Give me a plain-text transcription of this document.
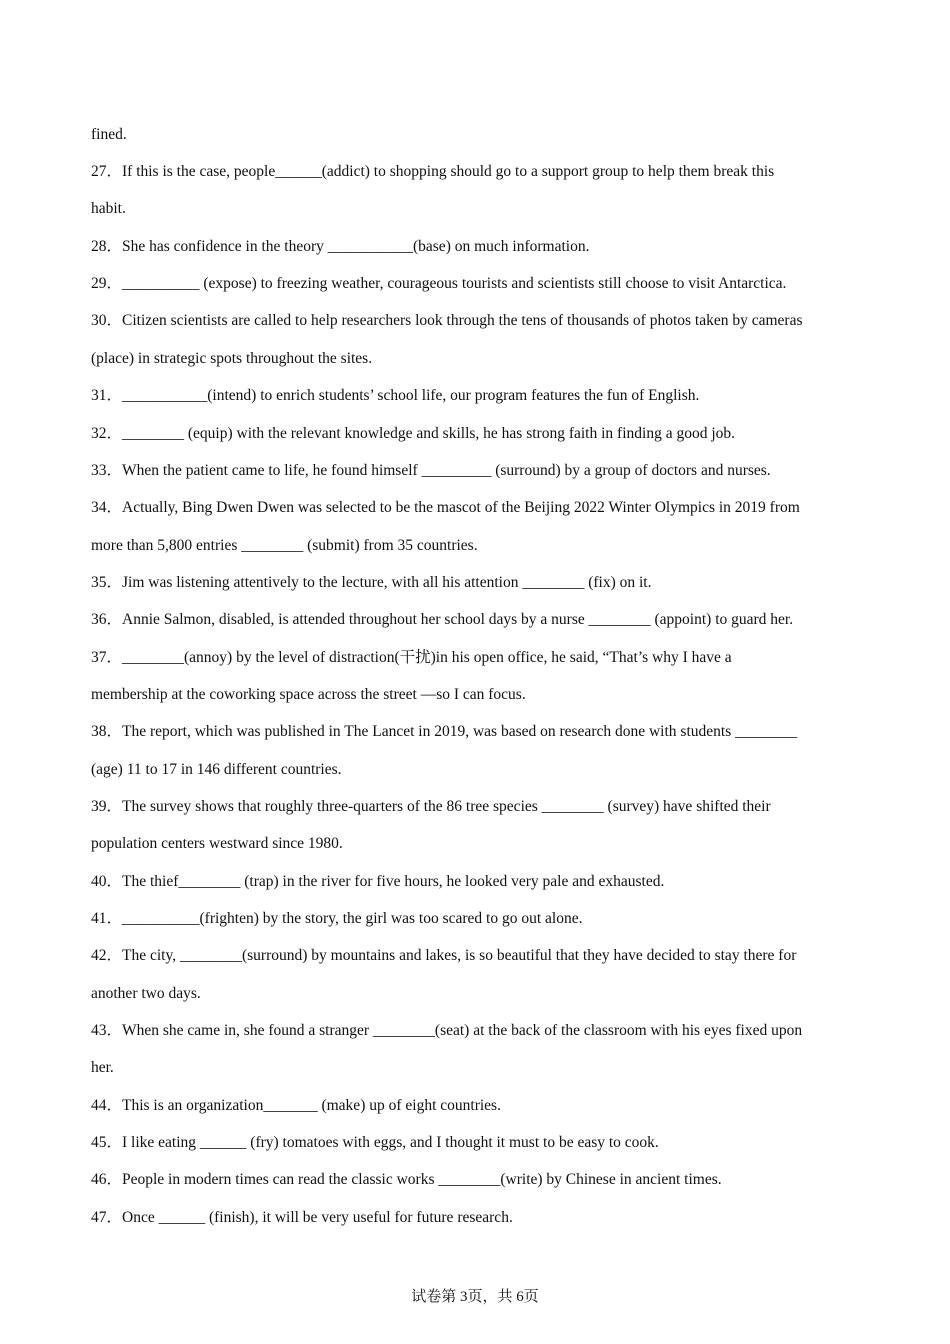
fined.
27．If this is the case, people______(addict) to shopping should go to a support group to help them break this
habit.
28．She has confidence in the theory ___________(base) on much information.
29．__________ (expose) to freezing weather, courageous tourists and scientists still choose to visit Antarctica.
30．Citizen scientists are called to help researchers look through the tens of thousands of photos taken by cameras
(place) in strategic spots throughout the sites.
31．___________(intend) to enrich students’ school life, our program features the fun of English.
32．________ (equip) with the relevant knowledge and skills, he has strong faith in finding a good job.
33．When the patient came to life, he found himself _________ (surround) by a group of doctors and nurses.
34．Actually, Bing Dwen Dwen was selected to be the mascot of the Beijing 2022 Winter Olympics in 2019 from
more than 5,800 entries ________ (submit) from 35 countries.
35．Jim was listening attentively to the lecture, with all his attention ________ (fix) on it.
36．Annie Salmon, disabled, is attended throughout her school days by a nurse ________ (appoint) to guard her.
37．________(annoy) by the level of distraction(干扰)in his open office, he said, “That’s why I have a
membership at the coworking space across the street —so I can focus.
38．The report, which was published in The Lancet in 2019, was based on research done with students ________
(age) 11 to 17 in 146 different countries.
39．The survey shows that roughly three-quarters of the 86 tree species ________ (survey) have shifted their
population centers westward since 1980.
40．The thief________ (trap) in the river for five hours, he looked very pale and exhausted.
41．__________(frighten) by the story, the girl was too scared to go out alone.
42．The city, ________(surround) by mountains and lakes, is so beautiful that they have decided to stay there for
another two days.
43．When she came in, she found a stranger ________(seat) at the back of the classroom with his eyes fixed upon
her.
44．This is an organization_______ (make) up of eight countries.
45．I like eating ______ (fry) tomatoes with eggs, and I thought it must to be easy to cook.
46．People in modern times can read the classic works ________(write) by Chinese in ancient times.
47．Once ______ (finish), it will be very useful for future research.
试卷第 3页，共 6页
